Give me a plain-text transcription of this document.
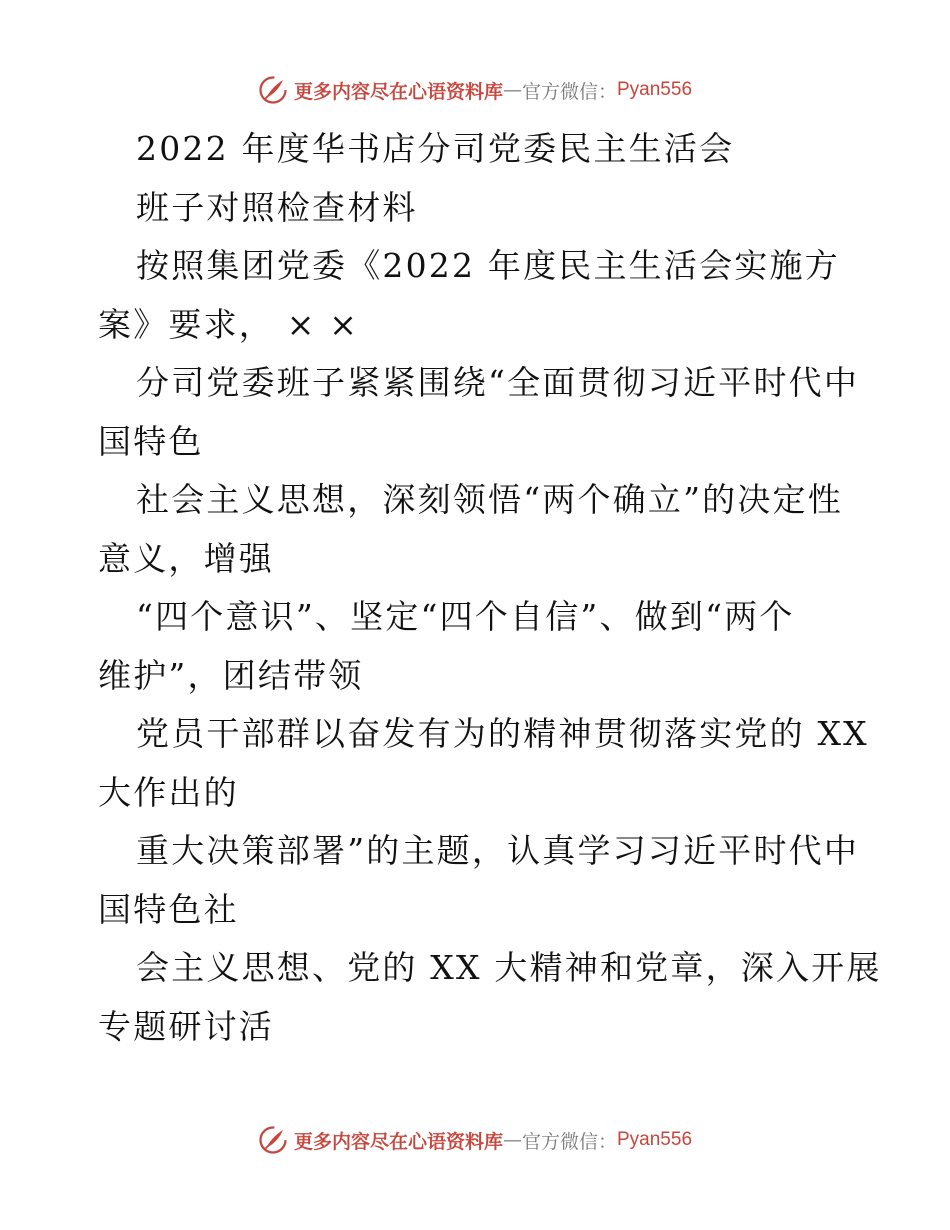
更多内容尽在心语资料库 — 官方微信： Pyan556
2022 年度华书店分司党委民主生活会
班子对照检查材料
按照集团党委《2022 年度民主生活会实施方
案》要求， × ×
分司党委班子紧紧围绕“全面贯彻习近平时代中
国特色
社会主义思想，深刻领悟“两个确立”的决定性
意义，增强
“四个意识”、坚定“四个自信”、做到“两个
维护”，团结带领
党员干部群以奋发有为的精神贯彻落实党的 XX
大作出的
重大决策部署”的主题，认真学习习近平时代中
国特色社
会主义思想、党的 XX 大精神和党章，深入开展
专题研讨活
更多内容尽在心语资料库 — 官方微信： Pyan556
